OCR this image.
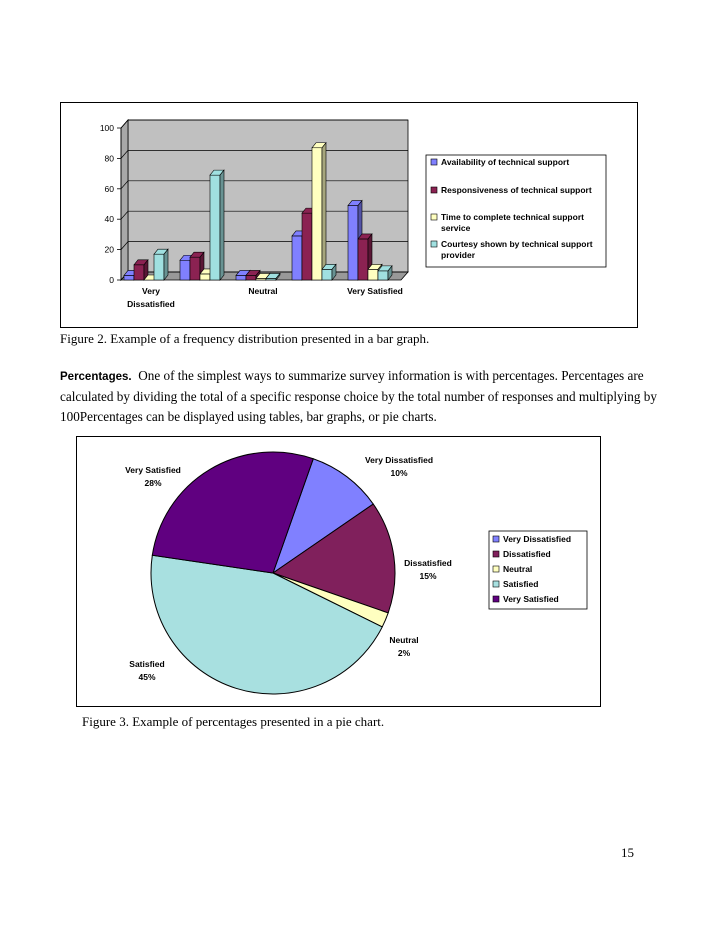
0
20
40
60
80
100
Very
Dissatisfied
Neutral	Very Satisfied
Availability of technical support
Responsiveness of technical support
Time to complete technical support
service
Courtesy shown by technical support
provider
Figure 2. Example of a frequency distribution presented in a bar graph.
Percentages. One of the simplest ways to summarize survey information is with percentages. Percentages are calculated by dividing the total of a specific response choice by the total number of responses and multiplying by 100Percentages can be displayed using tables, bar graphs, or pie charts.
Very Dissatisfied
10%
Dissatisfied
15%
Neutral
2%
Satisfied
45%
Very Satisfied
28%
Very Dissatisfied
Dissatisfied
Neutral
Satisfied
Very Satisfied
Figure 3. Example of percentages presented in a pie chart.
15
